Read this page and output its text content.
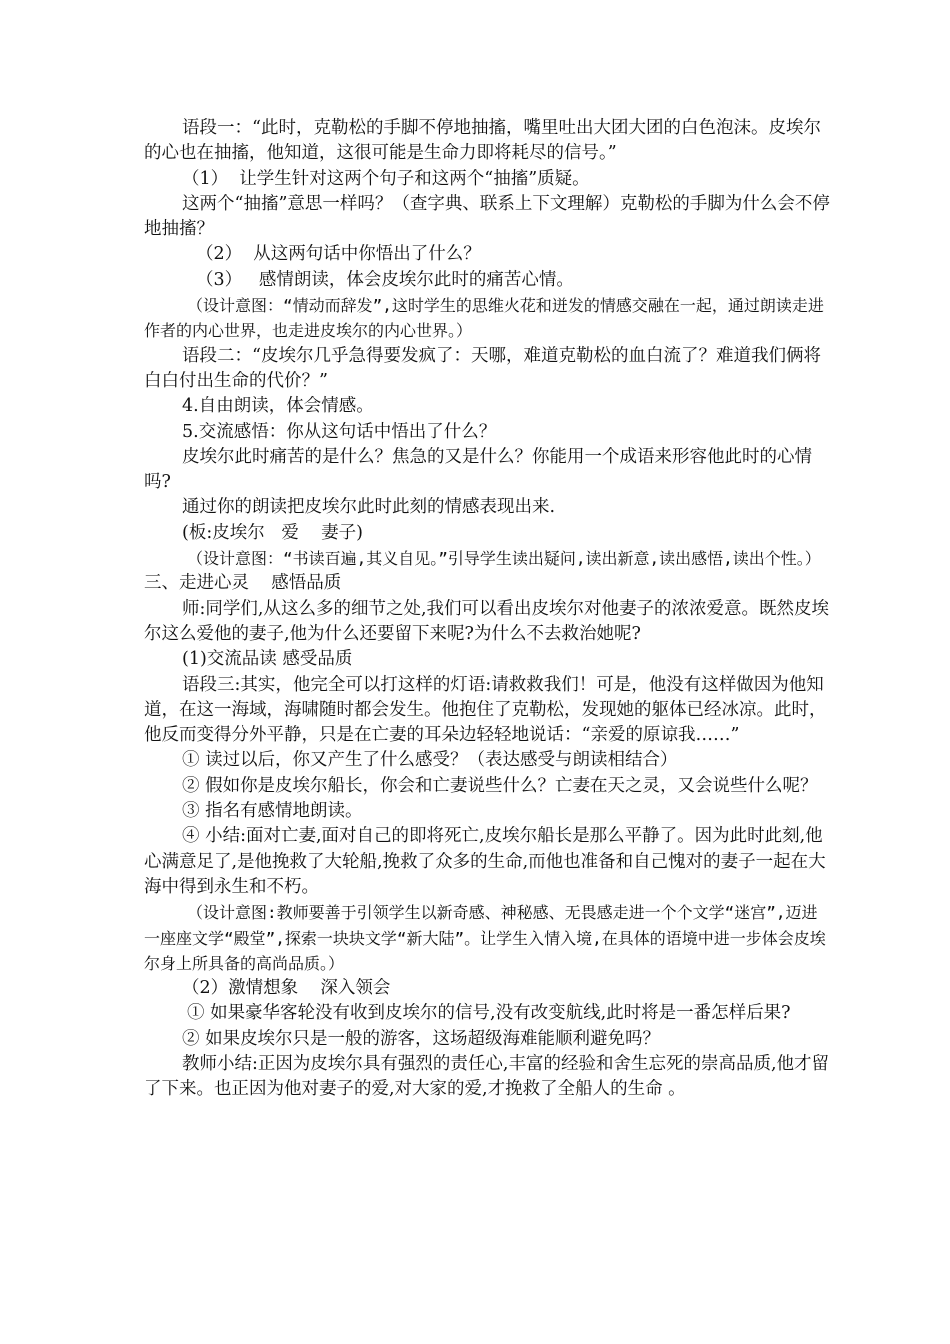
语段一：“此时，克勒松的手脚不停地抽搐，嘴里吐出大团大团的白色泡沫。皮埃尔的心也在抽搐，他知道，这很可能是生命力即将耗尽的信号。”

（1）  让学生针对这两个句子和这两个“抽搐”质疑。

这两个“抽搐”意思一样吗？（查字典、联系上下文理解）克勒松的手脚为什么会不停地抽搐？

（2）  从这两句话中你悟出了什么？

（3）   感情朗读，体会皮埃尔此时的痛苦心情。

（设计意图：“情动而辞发”,这时学生的思维火花和迸发的情感交融在一起，通过朗读走进作者的内心世界，也走进皮埃尔的内心世界。）

语段二：“皮埃尔几乎急得要发疯了：天哪，难道克勒松的血白流了？难道我们俩将白白付出生命的代价？”

4.自由朗读，体会情感。

5.交流感悟：你从这句话中悟出了什么？

皮埃尔此时痛苦的是什么？焦急的又是什么？你能用一个成语来形容他此时的心情吗?

通过你的朗读把皮埃尔此时此刻的情感表现出来.

(板:皮埃尔   爱    妻子)

（设计意图：“书读百遍,其义自见。”引导学生读出疑问,读出新意,读出感悟,读出个性。）

三、走进心灵    感悟品质

师:同学们,从这么多的细节之处,我们可以看出皮埃尔对他妻子的浓浓爱意。既然皮埃尔这么爱他的妻子,他为什么还要留下来呢?为什么不去救治她呢?

(1)交流品读 感受品质

语段三:其实，他完全可以打这样的灯语:请救救我们！可是，他没有这样做因为他知道，在这一海域，海啸随时都会发生。他抱住了克勒松，发现她的躯体已经冰凉。此时，他反而变得分外平静，只是在亡妻的耳朵边轻轻地说话：“亲爱的原谅我……”

① 读过以后，你又产生了什么感受？（表达感受与朗读相结合）

② 假如你是皮埃尔船长，你会和亡妻说些什么？亡妻在天之灵，又会说些什么呢？

③ 指名有感情地朗读。

④ 小结:面对亡妻,面对自己的即将死亡,皮埃尔船长是那么平静了。因为此时此刻,他心满意足了,是他挽救了大轮船,挽救了众多的生命,而他也准备和自己愧对的妻子一起在大海中得到永生和不朽。

（设计意图:教师要善于引领学生以新奇感、神秘感、无畏感走进一个个文学“迷宫”,迈进一座座文学“殿堂”,探索一块块文学“新大陆”。让学生入情入境,在具体的语境中进一步体会皮埃尔身上所具备的高尚品质。）

（2）激情想象    深入领会

① 如果豪华客轮没有收到皮埃尔的信号,没有改变航线,此时将是一番怎样后果?

② 如果皮埃尔只是一般的游客，这场超级海难能顺利避免吗？

教师小结:正因为皮埃尔具有强烈的责任心,丰富的经验和舍生忘死的崇高品质,他才留了下来。也正因为他对妻子的爱,对大家的爱,才挽救了全船人的生命 。
